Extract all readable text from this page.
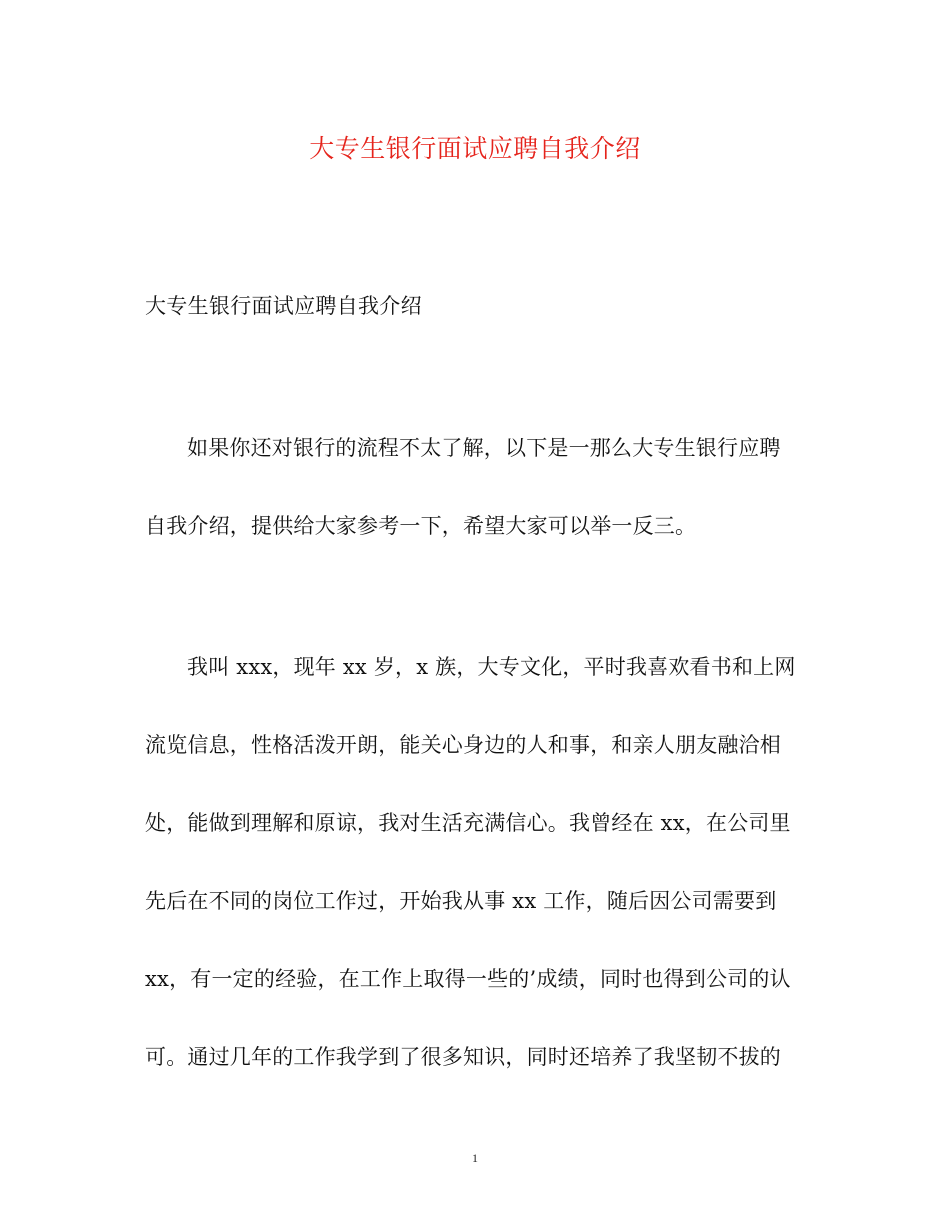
大专生银行面试应聘自我介绍
大专生银行面试应聘自我介绍
如果你还对银行的流程不太了解，以下是一那么大专生银行应聘
自我介绍，提供给大家参考一下，希望大家可以举一反三。
我叫 xxx，现年 xx 岁，x 族，大专文化，平时我喜欢看书和上网
流览信息，性格活泼开朗，能关心身边的人和事，和亲人朋友融洽相
处，能做到理解和原谅，我对生活充满信心。我曾经在 xx，在公司里
先后在不同的岗位工作过，开始我从事 xx 工作，随后因公司需要到
xx，有一定的经验，在工作上取得一些的’成绩，同时也得到公司的认
可。通过几年的工作我学到了很多知识，同时还培养了我坚韧不拔的
1
